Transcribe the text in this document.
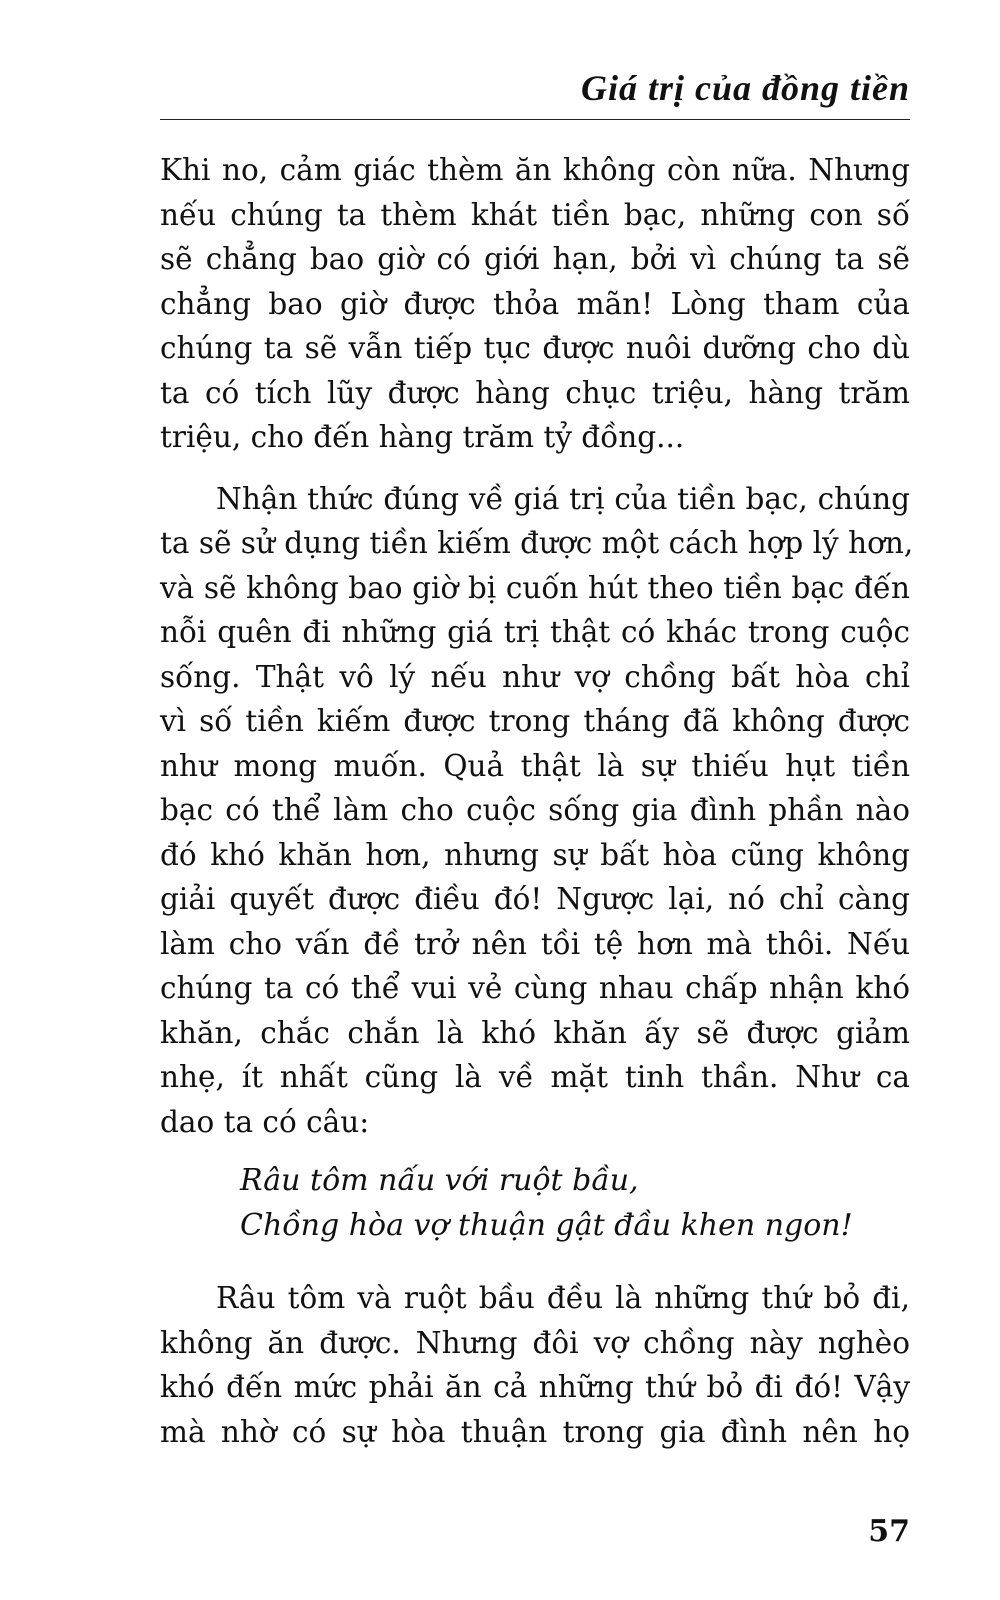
Giá trị của đồng tiền
Khi no, cảm giác thèm ăn không còn nữa. Nhưng
nếu chúng ta thèm khát tiền bạc, những con số
sẽ chẳng bao giờ có giới hạn, bởi vì chúng ta sẽ
chẳng bao giờ được thỏa mãn! Lòng tham của
chúng ta sẽ vẫn tiếp tục được nuôi dưỡng cho dù
ta có tích lũy được hàng chục triệu, hàng trăm
triệu, cho đến hàng trăm tỷ đồng...
Nhận thức đúng về giá trị của tiền bạc, chúng
ta sẽ sử dụng tiền kiếm được một cách hợp lý hơn,
và sẽ không bao giờ bị cuốn hút theo tiền bạc đến
nỗi quên đi những giá trị thật có khác trong cuộc
sống. Thật vô lý nếu như vợ chồng bất hòa chỉ
vì số tiền kiếm được trong tháng đã không được
như mong muốn. Quả thật là sự thiếu hụt tiền
bạc có thể làm cho cuộc sống gia đình phần nào
đó khó khăn hơn, nhưng sự bất hòa cũng không
giải quyết được điều đó! Ngược lại, nó chỉ càng
làm cho vấn đề trở nên tồi tệ hơn mà thôi. Nếu
chúng ta có thể vui vẻ cùng nhau chấp nhận khó
khăn, chắc chắn là khó khăn ấy sẽ được giảm
nhẹ, ít nhất cũng là về mặt tinh thần. Như ca
dao ta có câu:
Râu tôm nấu với ruột bầu,
Chồng hòa vợ thuận gật đầu khen ngon!
Râu tôm và ruột bầu đều là những thứ bỏ đi,
không ăn được. Nhưng đôi vợ chồng này nghèo
khó đến mức phải ăn cả những thứ bỏ đi đó! Vậy
mà nhờ có sự hòa thuận trong gia đình nên họ
57
